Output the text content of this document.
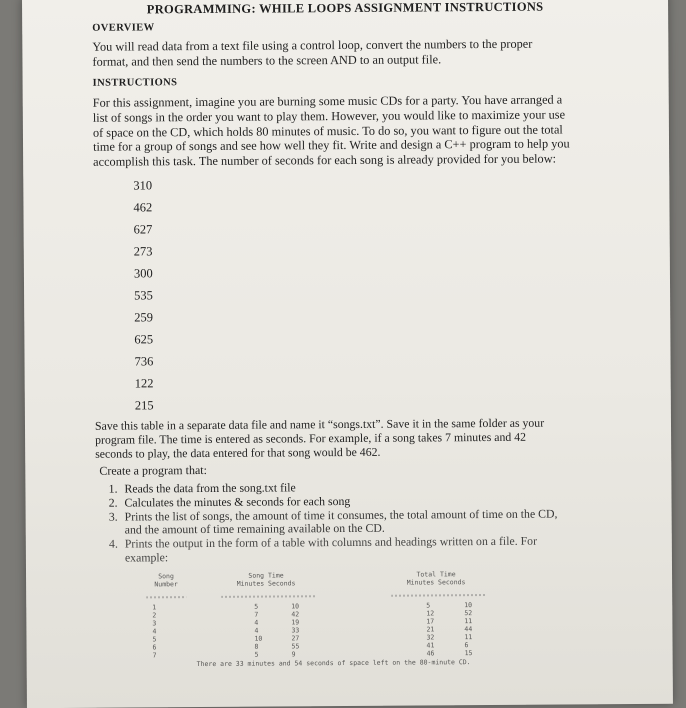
PROGRAMMING: WHILE LOOPS ASSIGNMENT INSTRUCTIONS
OVERVIEW
You will read data from a text file using a control loop, convert the numbers to the proper
format, and then send the numbers to the screen AND to an output file.
INSTRUCTIONS
For this assignment, imagine you are burning some music CDs for a party. You have arranged a
list of songs in the order you want to play them. However, you would like to maximize your use
of space on the CD, which holds 80 minutes of music. To do so, you want to figure out the total
time for a group of songs and see how well they fit. Write and design a C++ program to help you
accomplish this task. The number of seconds for each song is already provided for you below:
310
462
627
273
300
535
259
625
736
122
215
Save this table in a separate data file and name it “songs.txt”. Save it in the same folder as your
program file. The time is entered as seconds. For example, if a song takes 7 minutes and 42
seconds to play, the data entered for that song would be 462.
Create a program that:
1. Reads the data from the song.txt file
2. Calculates the minutes & seconds for each song
3. Prints the list of songs, the amount of time it consumes, the total amount of time on the CD, and the amount of time remaining available on the CD.
4. Prints the output in the form of a table with columns and headings written on a file. For example:
Song
Number
Song Time
Minutes Seconds
Total Time
Minutes Seconds
1	5	10	5	10
2	7	42	12	52
3	4	19	17	11
4	4	33	21	44
5	10	27	32	11
6	8	55	41	6
7	5	9	46	15
There are 33 minutes and 54 seconds of space left on the 80-minute CD.
